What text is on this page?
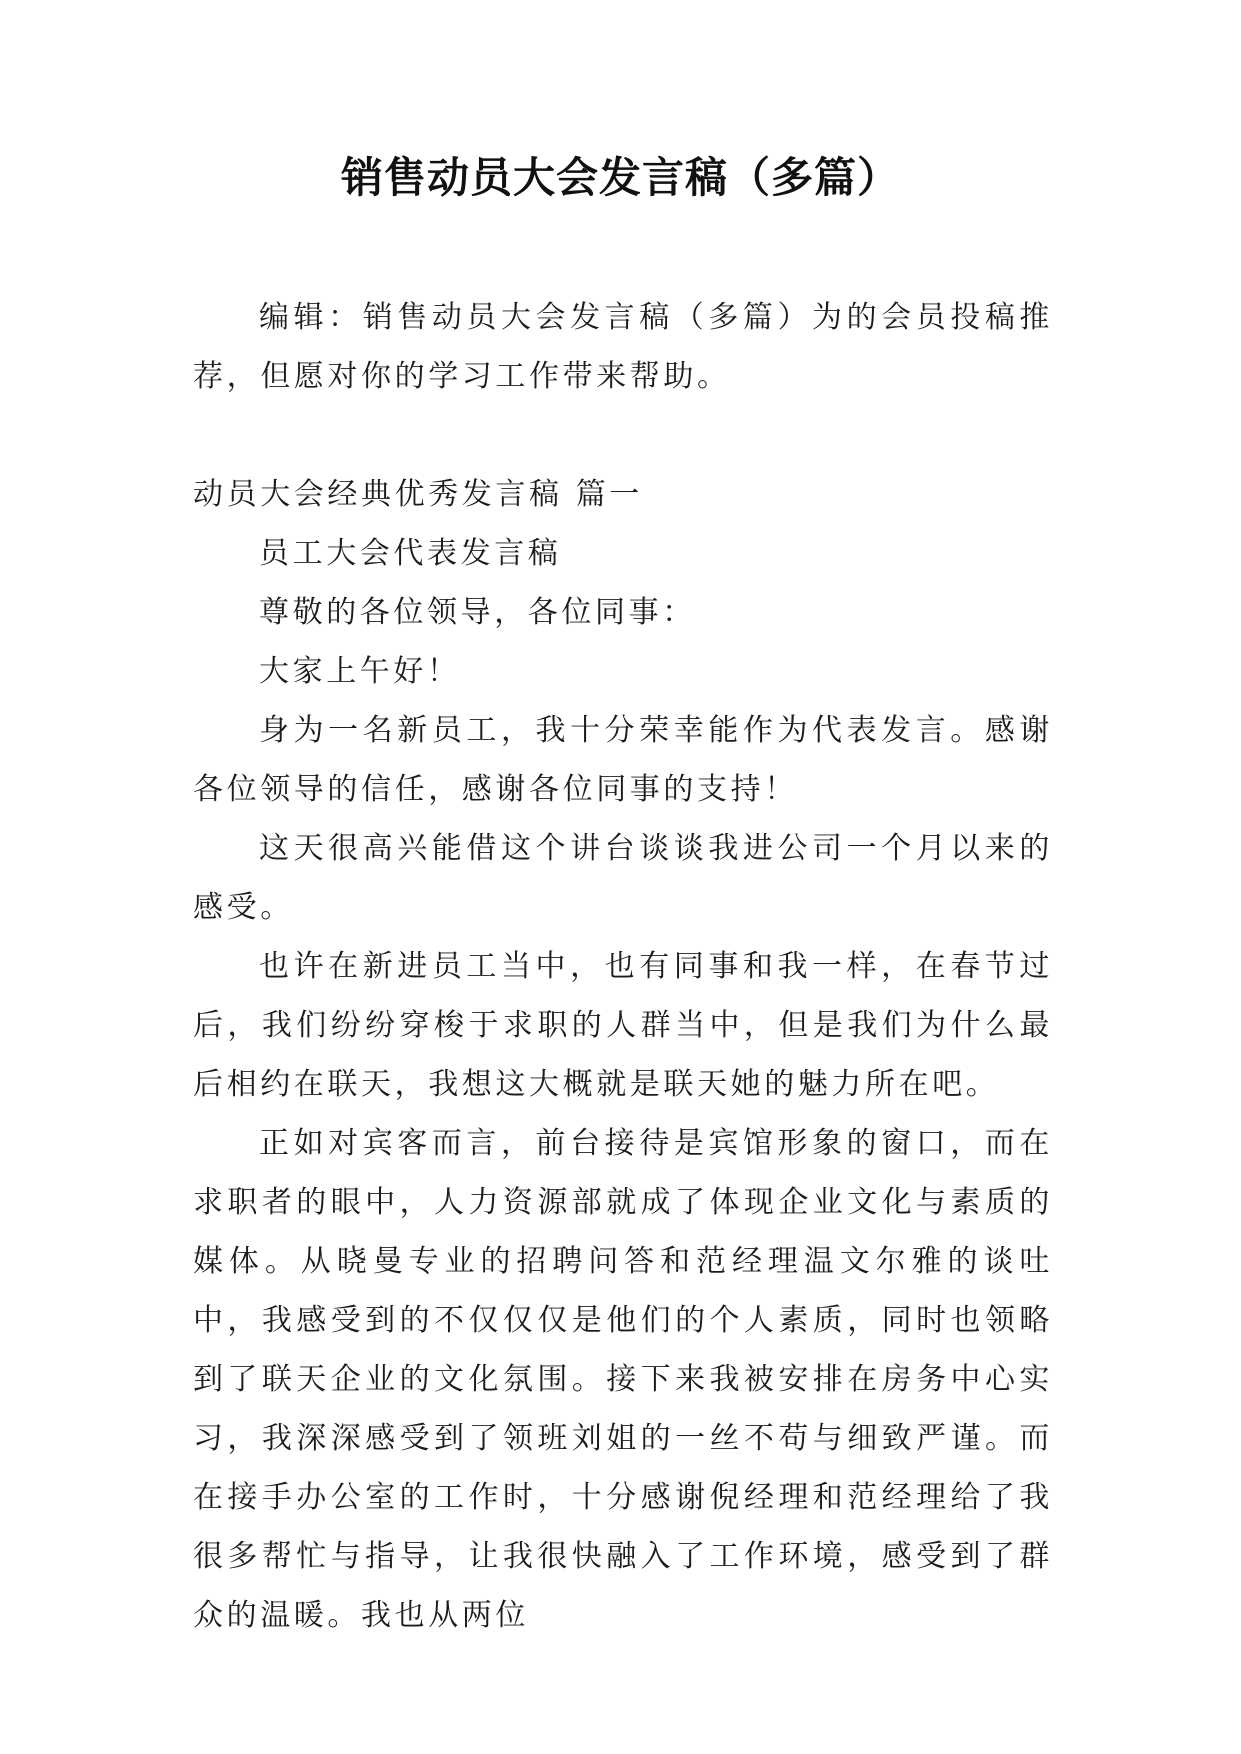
销售动员大会发言稿（多篇）

编辑：销售动员大会发言稿（多篇）为的会员投稿推荐，但愿对你的学习工作带来帮助。

动员大会经典优秀发言稿 篇一

员工大会代表发言稿

尊敬的各位领导，各位同事：

大家上午好！

身为一名新员工，我十分荣幸能作为代表发言。感谢各位领导的信任，感谢各位同事的支持！

这天很高兴能借这个讲台谈谈我进公司一个月以来的感受。

也许在新进员工当中，也有同事和我一样，在春节过后，我们纷纷穿梭于求职的人群当中，但是我们为什么最后相约在联天，我想这大概就是联天她的魅力所在吧。

正如对宾客而言，前台接待是宾馆形象的窗口，而在求职者的眼中，人力资源部就成了体现企业文化与素质的媒体。从晓曼专业的招聘问答和范经理温文尔雅的谈吐中，我感受到的不仅仅仅是他们的个人素质，同时也领略到了联天企业的文化氛围。接下来我被安排在房务中心实习，我深深感受到了领班刘姐的一丝不苟与细致严谨。而在接手办公室的工作时，十分感谢倪经理和范经理给了我很多帮忙与指导，让我很快融入了工作环境，感受到了群众的温暖。我也从两位
